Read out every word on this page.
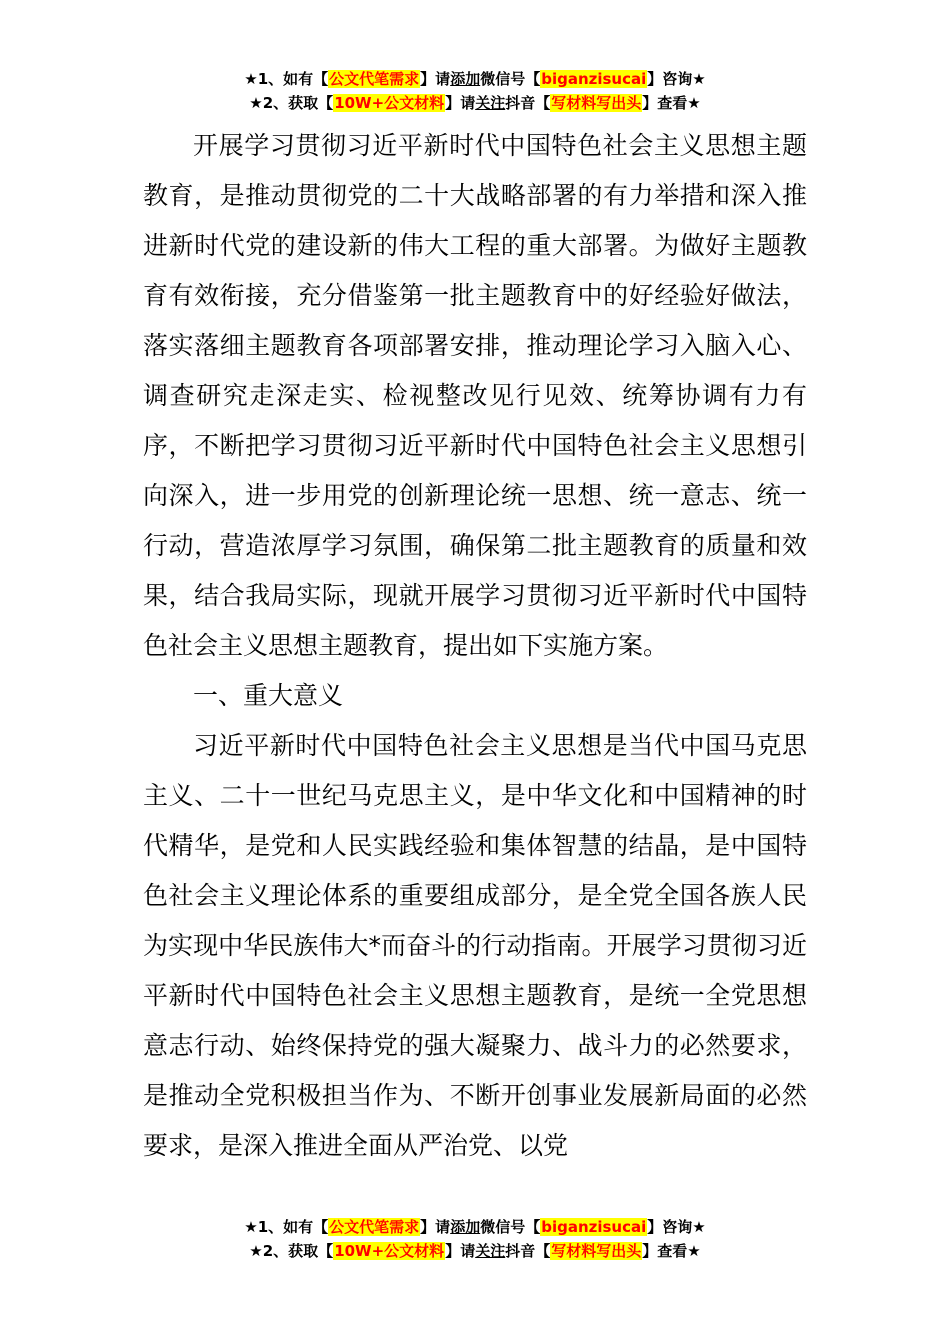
★1、如有【公文代笔需求】请添加微信号【biganzisucai】咨询★
★2、获取【10W+公文材料】请关注抖音【写材料写出头】查看★

开展学习贯彻习近平新时代中国特色社会主义思想主题教育，是推动贯彻党的二十大战略部署的有力举措和深入推进新时代党的建设新的伟大工程的重大部署。为做好主题教育有效衔接，充分借鉴第一批主题教育中的好经验好做法，落实落细主题教育各项部署安排，推动理论学习入脑入心、调查研究走深走实、检视整改见行见效、统筹协调有力有序，不断把学习贯彻习近平新时代中国特色社会主义思想引向深入，进一步用党的创新理论统一思想、统一意志、统一行动，营造浓厚学习氛围，确保第二批主题教育的质量和效果，结合我局实际，现就开展学习贯彻习近平新时代中国特色社会主义思想主题教育，提出如下实施方案。

一、重大意义

习近平新时代中国特色社会主义思想是当代中国马克思主义、二十一世纪马克思主义，是中华文化和中国精神的时代精华，是党和人民实践经验和集体智慧的结晶，是中国特色社会主义理论体系的重要组成部分，是全党全国各族人民为实现中华民族伟大*而奋斗的行动指南。开展学习贯彻习近平新时代中国特色社会主义思想主题教育，是统一全党思想意志行动、始终保持党的强大凝聚力、战斗力的必然要求，是推动全党积极担当作为、不断开创事业发展新局面的必然要求，是深入推进全面从严治党、以党

★1、如有【公文代笔需求】请添加微信号【biganzisucai】咨询★
★2、获取【10W+公文材料】请关注抖音【写材料写出头】查看★
